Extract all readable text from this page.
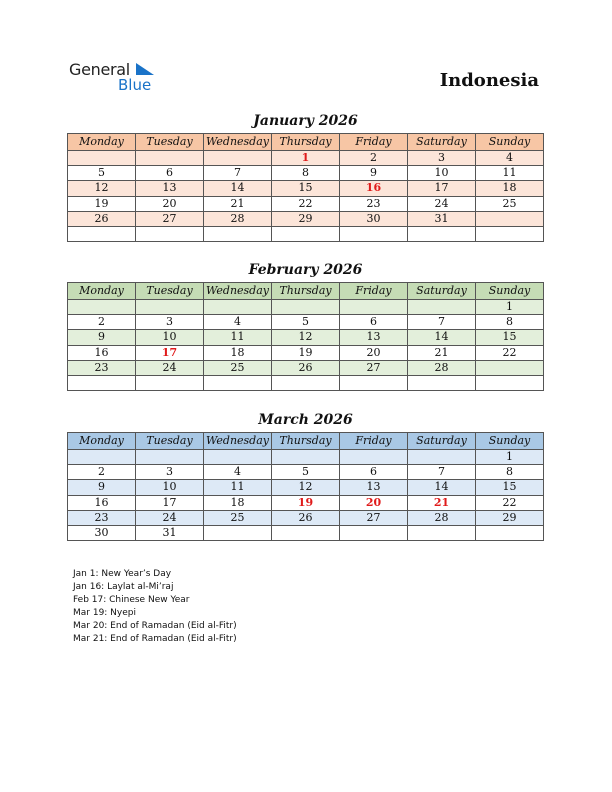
General
Blue	Indonesia
January 2026
Monday	Tuesday	Wednesday	Thursday	Friday	Saturday	Sunday
			1	2	3	4
5	6	7	8	9	10	11
12	13	14	15	16	17	18
19	20	21	22	23	24	25
26	27	28	29	30	31	

February 2026
Monday	Tuesday	Wednesday	Thursday	Friday	Saturday	Sunday
						1
2	3	4	5	6	7	8
9	10	11	12	13	14	15
16	17	18	19	20	21	22
23	24	25	26	27	28	

March 2026
Monday	Tuesday	Wednesday	Thursday	Friday	Saturday	Sunday
						1
2	3	4	5	6	7	8
9	10	11	12	13	14	15
16	17	18	19	20	21	22
23	24	25	26	27	28	29
30	31					
Jan 1: New Year’s Day
Jan 16: Laylat al-Mi’raj
Feb 17: Chinese New Year
Mar 19: Nyepi
Mar 20: End of Ramadan (Eid al-Fitr)
Mar 21: End of Ramadan (Eid al-Fitr)
